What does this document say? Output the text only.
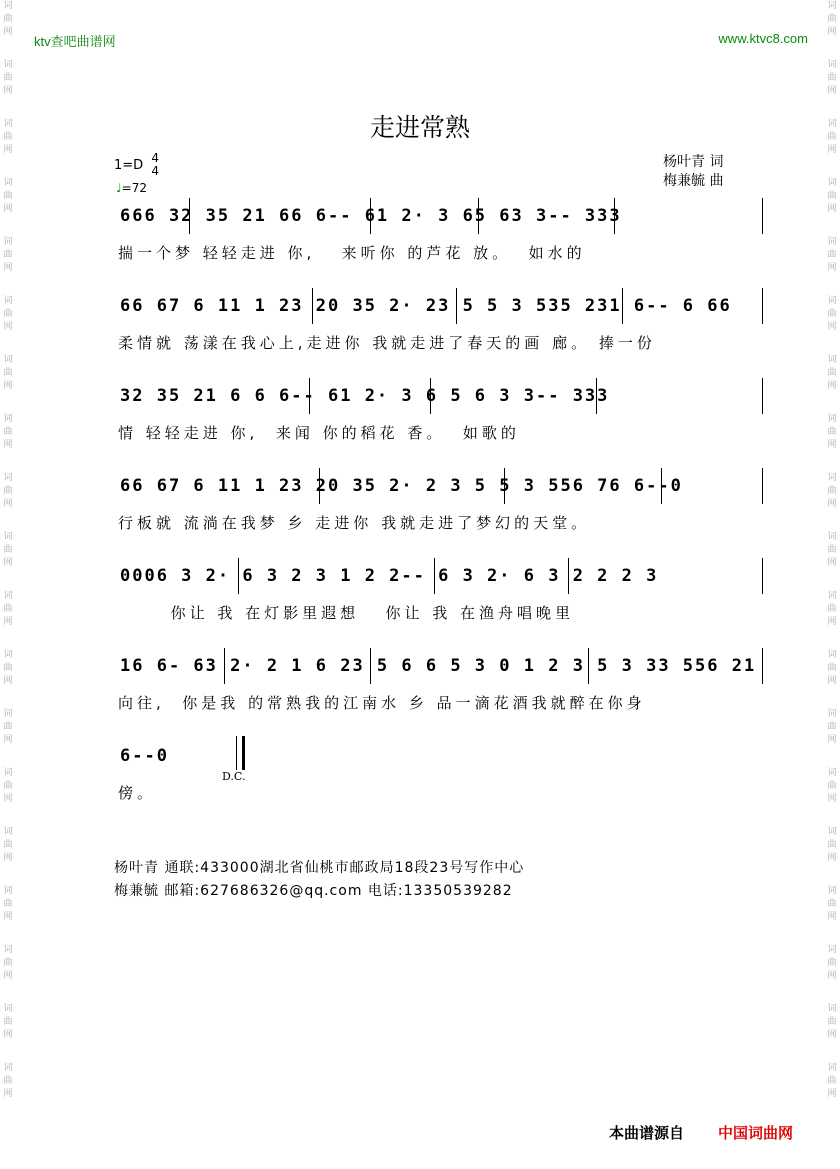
词
曲
网
词
曲
网
词
曲
网
词
曲
网
词
曲
网
词
曲
网
词
曲
网
词
曲
网
词
曲
网
词
曲
网
词
曲
网
词
曲
网
词
曲
网
词
曲
网
词
曲
网
词
曲
网
词
曲
网
词
曲
网
词
曲
网
词
曲
网
词
曲
网
词
曲
网
词
曲
网
词
曲
网
词
曲
网
词
曲
网
词
曲
网
词
曲
网
词
曲
网
词
曲
网
词
曲
网
词
曲
网
词
曲
网
词
曲
网
词
曲
网
词
曲
网
词
曲
网
词
曲
网
ktv查吧曲谱网	www.ktvc8.com
走进常熟
1=D 4
4
♩=72
杨叶青 词
梅兼毓 曲
666 32 35 21 66 6-- 61 2· 3 65 63 3-- 333
揣一个梦 轻轻走进 你,   来听你 的芦花 放。  如水的
66 67 6 11 1 23 20 35 2· 23 5 5 3 535 231 6-- 6 66
柔情就 荡漾在我心上,走进你 我就走进了春天的画 廊。 捧一份
32 35 21 6 6 6-- 61 2· 3 6 5 6 3 3-- 333
情 轻轻走进 你,  来闻 你的稻花 香。  如歌的
66 67 6 11 1 23 20 35 2· 2 3 5 5 3 556 76 6--0
行板就 流淌在我梦 乡 走进你 我就走进了梦幻的天堂。
0006 3 2· 6 3 2 3 1 2 2-- 6 3 2· 6 3 2 2 2 3
你让 我 在灯影里遐想   你让 我 在渔舟唱晚里
16 6- 63 2· 2 1 6 23 5 6 6 5 3 0 1 2 3 5 3 33 556 21
向往,  你是我 的常熟我的江南水 乡 品一滴花酒我就醉在你身
6--0
傍。
D.C.
杨叶青 通联:433000湖北省仙桃市邮政局18段23号写作中心
梅兼毓 邮箱:627686326@qq.com 电话:13350539282
本曲谱源自 中国词曲网
